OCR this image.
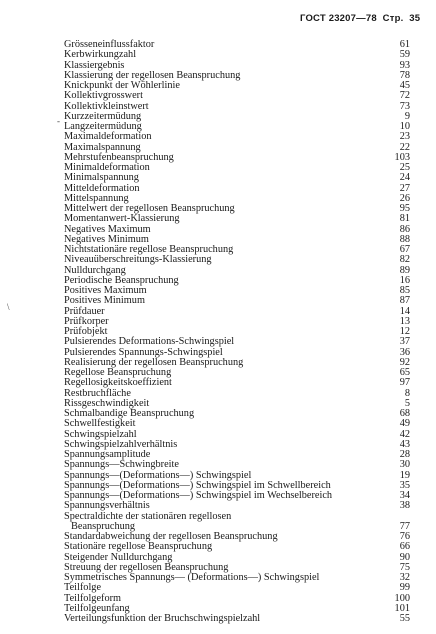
ГОСТ 23207—78 Стр. 35
-
\
Grösseneinflussfaktor	61
Kerbwirkungzahl	59
Klassiergebnis	93
Klassierung der regellosen Beanspruchung	78
Knickpunkt der Wöhlerlinie	45
Kollektivgrosswert	72
Kollektivkleinstwert	73
Kurzzeitermüdung	9
Langzeitermüdung	10
Maximaldeformation	23
Maximalspannung	22
Mehrstufenbeanspruchung	103
Minimaldeformation	25
Minimalspannung	24
Mitteldeformation	27
Mittelspannung	26
Mittelwert der regellosen Beanspruchung	95
Momentanwert-Klassierung	81
Negatives Maximum	86
Negatives Minimum	88
Nichtstationäre regellose Beanspruchung	67
Niveauüberschreitungs-Klassierung	82
Nulldurchgang	89
Periodische Beanspruchung	16
Positives Maximum	85
Positives Minimum	87
Prüfdauer	14
Prüfkorper	13
Prüfobjekt	12
Pulsierendes Deformations-Schwingspiel	37
Pulsierendes Spannungs-Schwingspiel	36
Realisierung der regellosen Beanspruchung	92
Regellose Beanspruchung	65
Regellosigkeitskoeffizient	97
Restbruchfläche	8
Rissgeschwindigkeit	5
Schmalbandige Beanspruchung	68
Schwellfestigkeit	49
Schwingspielzahl	42
Schwingspielzahlverhältnis	43
Spannungsamplitude	28
Spannungs—Schwingbreite	30
Spannungs—(Deformations—) Schwingspiel	19
Spannungs—(Deformations—) Schwingspiel im Schwellbereich	35
Spannungs—(Deformations—) Schwingspiel im Wechselbereich	34
Spannungsverhältnis	38
Spectraldichte der stationären regellosen
Beanspruchung	77
Standardabweichung der regellosen Beanspruchung	76
Stationäre regellose Beanspruchung	66
Steigender Nulldurchgang	90
Streuung der regellosen Beanspruchung	75
Symmetrisches Spannungs— (Deformations—) Schwingspiel	32
Teilfolge	99
Teilfolgeform	100
Teilfolgeunfang	101
Verteilungsfunktion der Bruchschwingspielzahl	55
